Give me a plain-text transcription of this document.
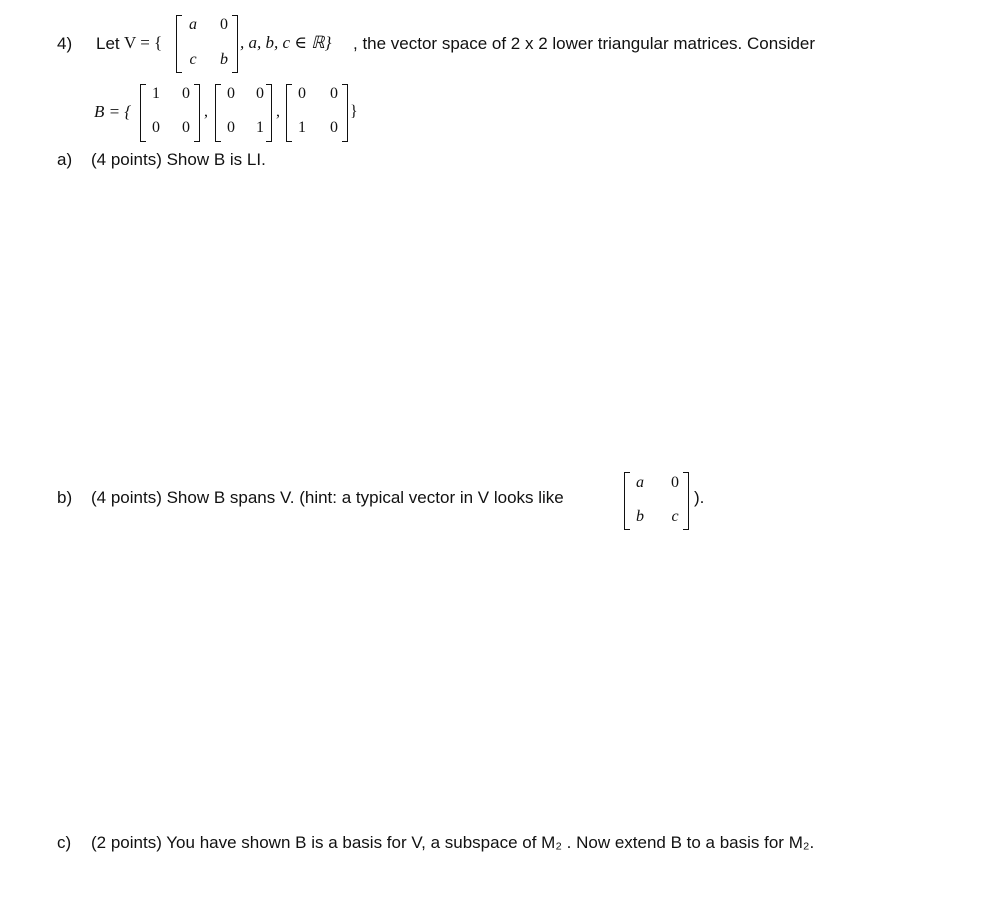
4) Let V = {
a	0
c	b
, a, b, c ∈ ℝ} , the vector space of 2 x 2 lower triangular matrices. Consider
B = {
1	0
0	0
,
0	0
0	1
,
0	0
1	0
}
a) (4 points) Show B is LI.
b) (4 points) Show B spans V. (hint: a typical vector in V looks like
a	0
b	c
).
c) (2 points) You have shown B is a basis for V, a subspace of M₂ . Now extend B to a basis for M₂.
